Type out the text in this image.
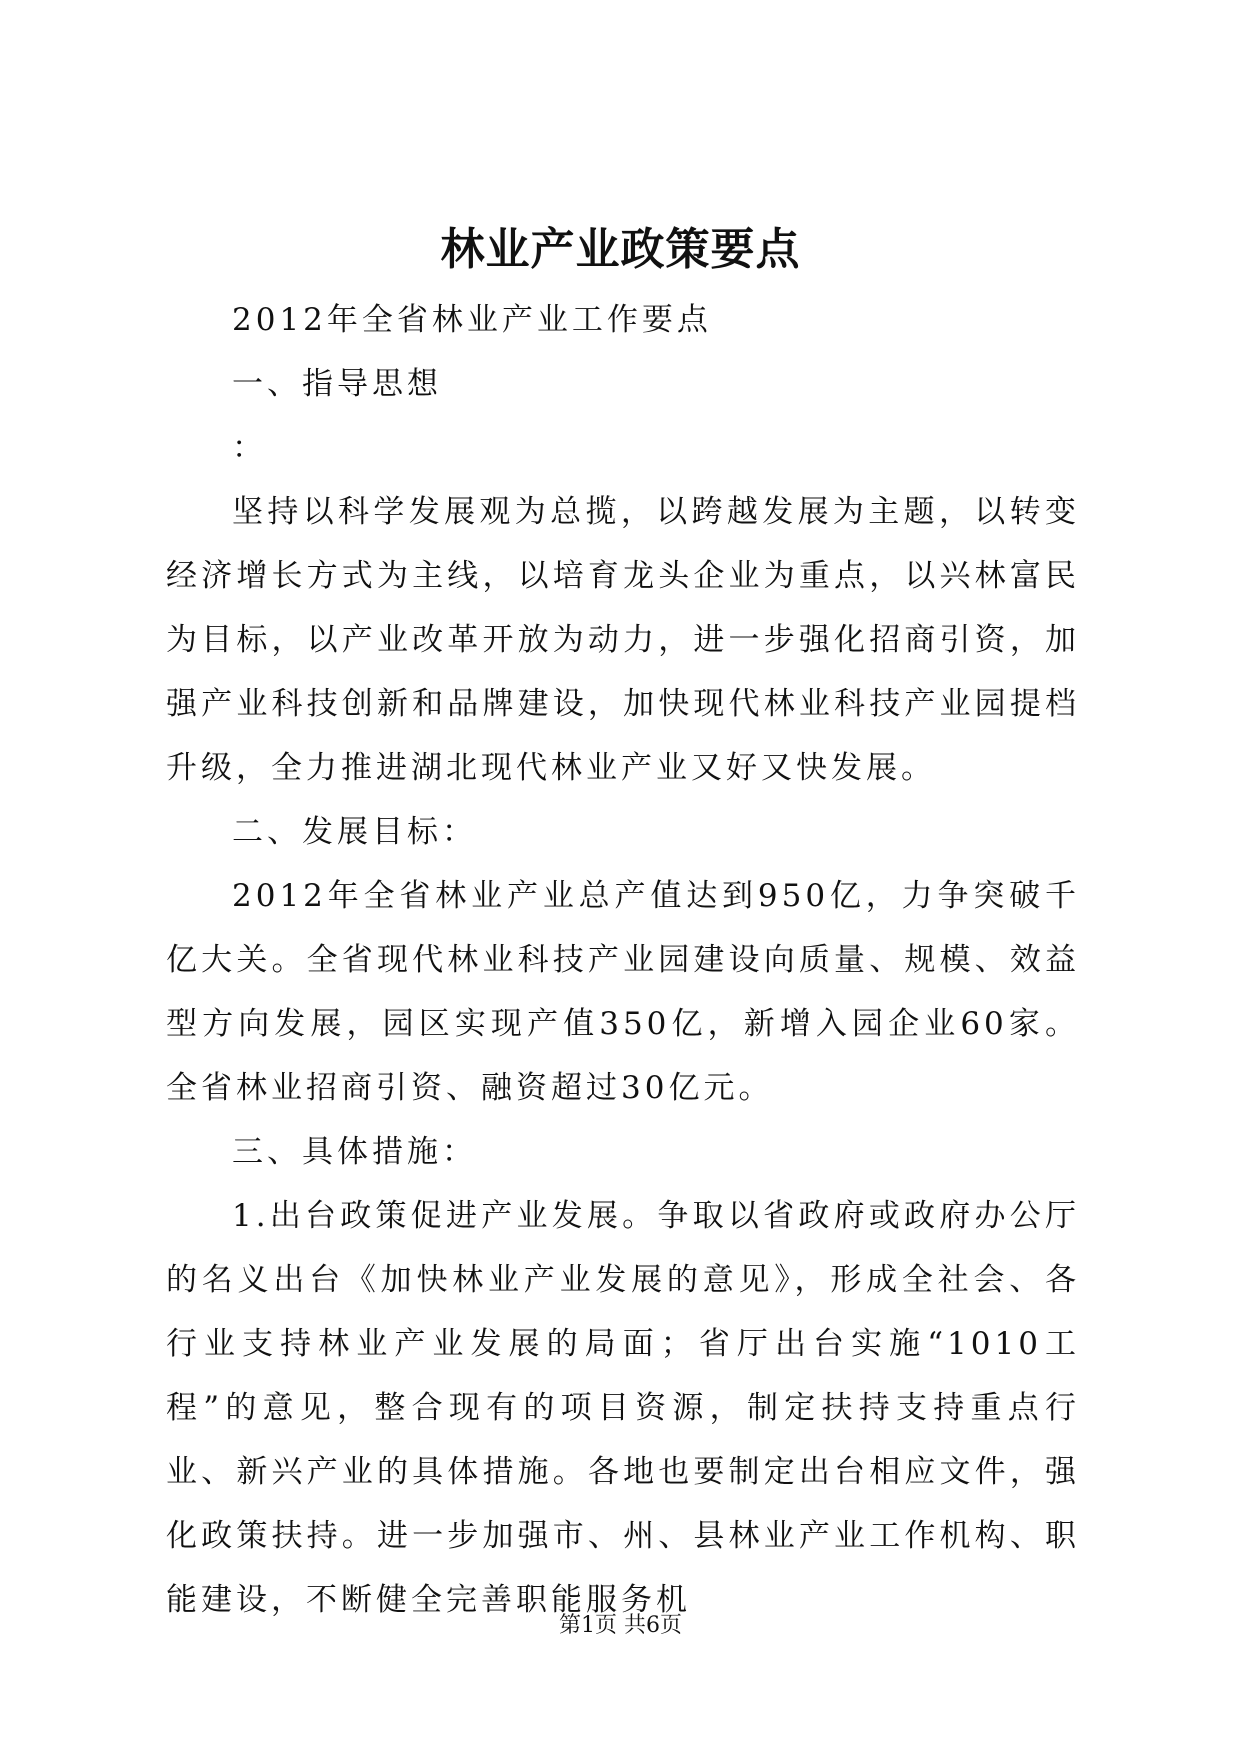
林业产业政策要点

2012年全省林业产业工作要点

一、指导思想

：

坚持以科学发展观为总揽，以跨越发展为主题，以转变经济增长方式为主线，以培育龙头企业为重点，以兴林富民为目标，以产业改革开放为动力，进一步强化招商引资，加强产业科技创新和品牌建设，加快现代林业科技产业园提档升级，全力推进湖北现代林业产业又好又快发展。

二、发展目标：

2012年全省林业产业总产值达到950亿，力争突破千亿大关。全省现代林业科技产业园建设向质量、规模、效益型方向发展，园区实现产值350亿，新增入园企业60家。全省林业招商引资、融资超过30亿元。

三、具体措施：

1.出台政策促进产业发展。争取以省政府或政府办公厅的名义出台《加快林业产业发展的意见》，形成全社会、各行业支持林业产业发展的局面；省厅出台实施“1010工程”的意见，整合现有的项目资源，制定扶持支持重点行业、新兴产业的具体措施。各地也要制定出台相应文件，强化政策扶持。进一步加强市、州、县林业产业工作机构、职能建设，不断健全完善职能服务机

第1页 共6页
